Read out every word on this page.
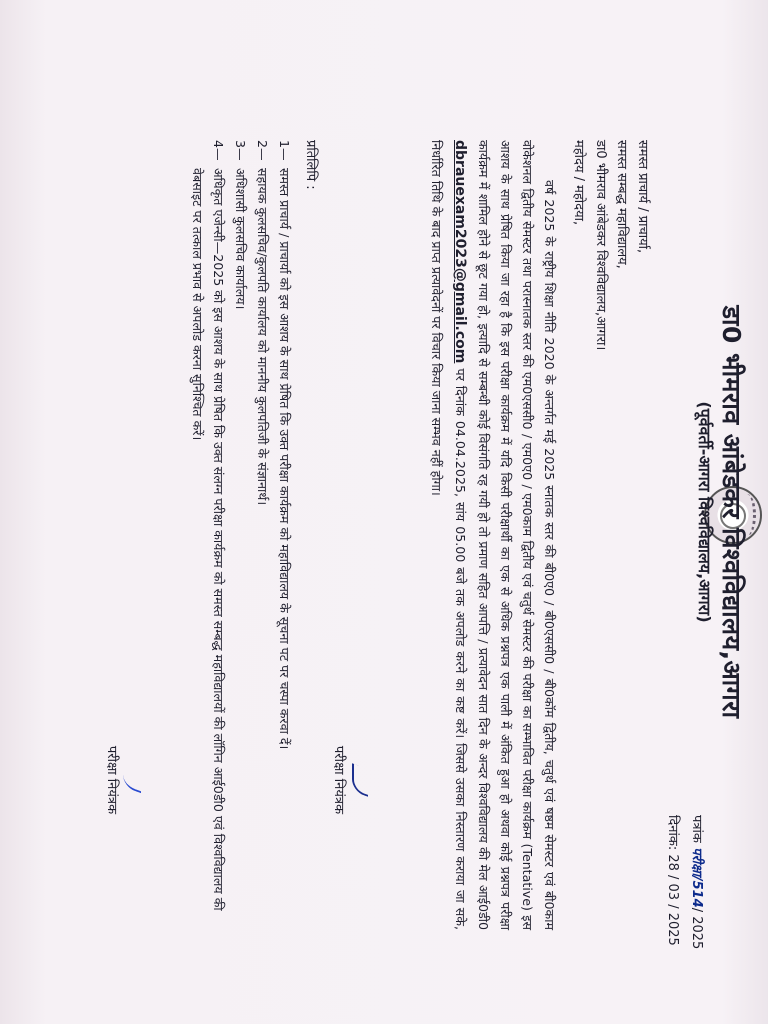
डा0 भीमराव आंबेडकर विश्वविद्यालय,आगरा
(पूर्ववर्ती-आगरा विश्वविद्यालय,आगरा)
पत्रांक परीक्षा/514/ 2025
दिनांक: 28 / 03 / 2025
समस्त प्राचार्य / प्राचार्या,
समस्त सम्बद्ध महाविद्यालय,
डा0 भीमराव आंबेडकर विश्वविद्यालय,आगरा।
महोदय / महोदया,
वर्ष 2025 के राष्ट्रीय शिक्षा नीति 2020 के अन्तर्गत मई 2025 स्नातक स्तर की बी0ए0 / बी0एससी0 / बी0कॉम द्वितीय, चतुर्थ एवं षष्ठम सेमस्टर एवं बी0काम वोकेशनल द्वितीय सेमस्टर तथा परास्नातक स्तर की एम0एससी0 / एम0ए0 / एम0काम द्वितीय एवं चतुर्थ सेमस्टर की परीक्षा का सम्भावित परीक्षा कार्यक्रम (Tentative) इस आशय के साथ प्रेषित किया जा रहा है कि इस परीक्षा कार्यक्रम में यदि किसी परीक्षार्थी का एक से अधिक प्रश्नपत्र एक पाली में अंकित हुआ हो अथवा कोई प्रश्नपत्र परीक्षा कार्यक्रम में शामिल होने से छूट गया हो, इत्यादि से सम्बन्धी कोई विसंगति रह गयी हो तो प्रमाण सहित आपत्ति / प्रत्यावेदन सात दिन के अन्दर विश्वविद्यालय की मेल आई0डी0 dbrauexam2023@gmail.com पर दिनांक 04.04.2025, सांय 05.00 बजे तक अपलोड करने का कष्ट करें। जिससे उसका निस्तारण कराया जा सके, निर्धारित तिथि के बाद प्राप्त प्रत्यावेदनों पर विचार किया जाना सम्भव नहीं होगा।
परीक्षा नियंत्रक
प्रतिलिपि :
1—
समस्त प्राचार्य / प्राचार्या को इस आशय के साथ प्रेषित कि उक्त परीक्षा कार्यक्रम को महाविद्यालय के सूचना पट पर चस्पा करवा दें।
2—
सहायक कुलसचिव/कुलपति कार्यालय को माननीय कुलपतिजी के संज्ञानार्थ।
3—
अधिशासी कुलसचिव कार्यालय।
4—
अधिकृत एजेन्सी—2025 को इस आशय के साथ प्रेषित कि उक्त संलग्न परीक्षा कार्यक्रम को समस्त सम्बद्ध महाविद्यालयों की लॉगिन आई0डी0 एवं विश्वविद्यालय की वेबसाइट पर तत्काल प्रभाव से अपलोड करना सुनिश्चित करें।
परीक्षा नियंत्रक
